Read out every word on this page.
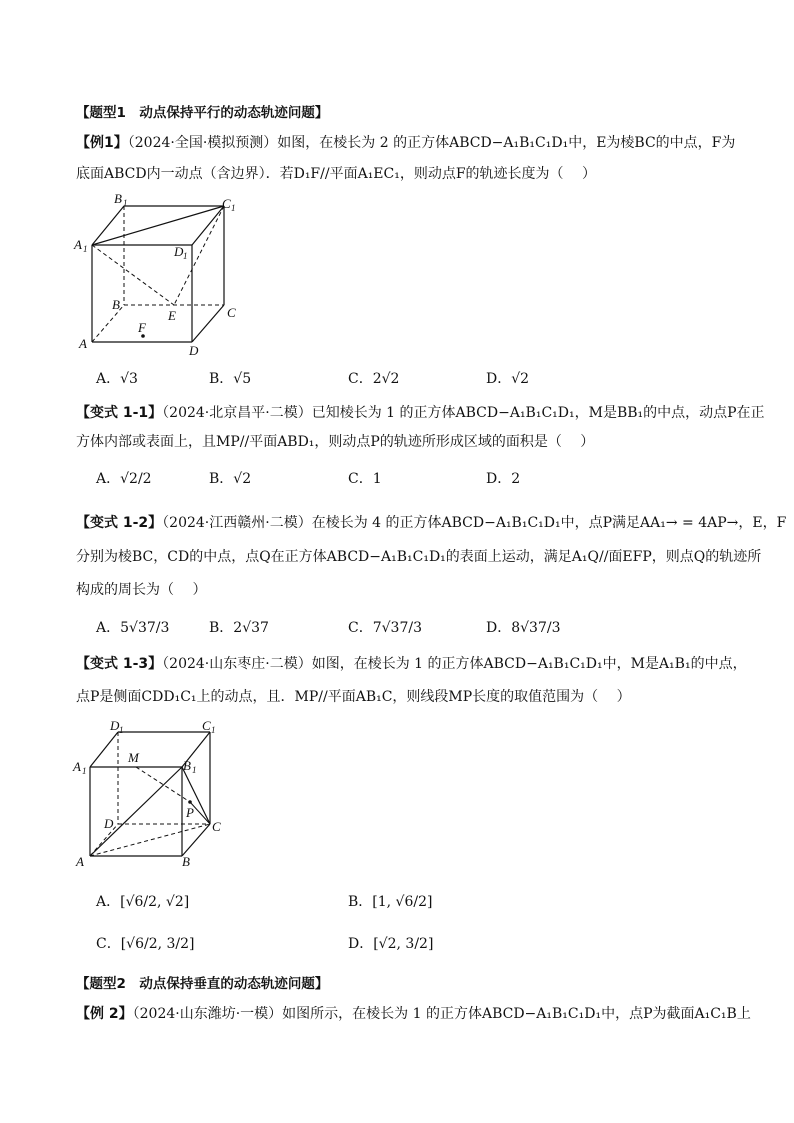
【题型1　动点保持平行的动态轨迹问题】
【例1】（2024·全国·模拟预测）如图，在棱长为 2 的正方体ABCD−A₁B₁C₁D₁中，E为棱BC的中点，F为
底面ABCD内一动点（含边界）．若D₁F//平面A₁EC₁，则动点F的轨迹长度为（　 ）
B 1	C 1
A 1	D 1
B
E	C
F
A	D
A．√3	B．√5	C．2√2	D．√2
【变式 1-1】（2024·北京昌平·二模）已知棱长为 1 的正方体ABCD−A₁B₁C₁D₁，M是BB₁的中点，动点P在正
方体内部或表面上，且MP//平面ABD₁，则动点P的轨迹所形成区域的面积是（　 ）
A．√2/2	B．√2	C．1	D．2
【变式 1-2】（2024·江西赣州·二模）在棱长为 4 的正方体ABCD−A₁B₁C₁D₁中，点P满足AA₁→ = 4AP→，E，F
分别为棱BC，CD的中点，点Q在正方体ABCD−A₁B₁C₁D₁的表面上运动，满足A₁Q//面EFP，则点Q的轨迹所
构成的周长为（　 ）
A．5√37/3	B．2√37	C．7√37/3	D．8√37/3
【变式 1-3】（2024·山东枣庄·二模）如图，在棱长为 1 的正方体ABCD−A₁B₁C₁D₁中，M是A₁B₁的中点，
点P是侧面CDD₁C₁上的动点，且．MP//平面AB₁C，则线段MP长度的取值范围为（　 ）
D 1	C 1
A 1
M
B 1
P
D	C
A	B
A．[√6/2, √2]	B．[1, √6/2]
C．[√6/2, 3/2]	D．[√2, 3/2]
【题型2　动点保持垂直的动态轨迹问题】
【例 2】（2024·山东潍坊·一模）如图所示，在棱长为 1 的正方体ABCD−A₁B₁C₁D₁中，点P为截面A₁C₁B上
